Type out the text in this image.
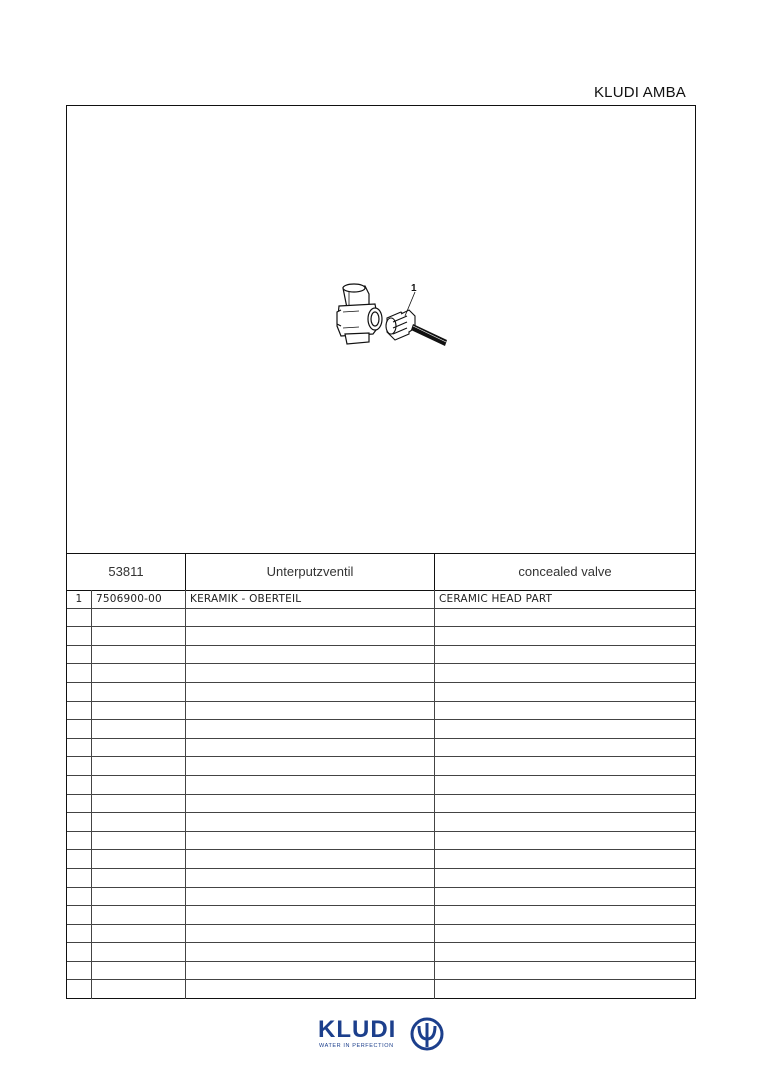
KLUDI AMBA
1
53811	Unterputzventil	concealed valve
1	7506900-00	KERAMIK - OBERTEIL	CERAMIC HEAD PART
KLUDI
WATER IN PERFECTION
